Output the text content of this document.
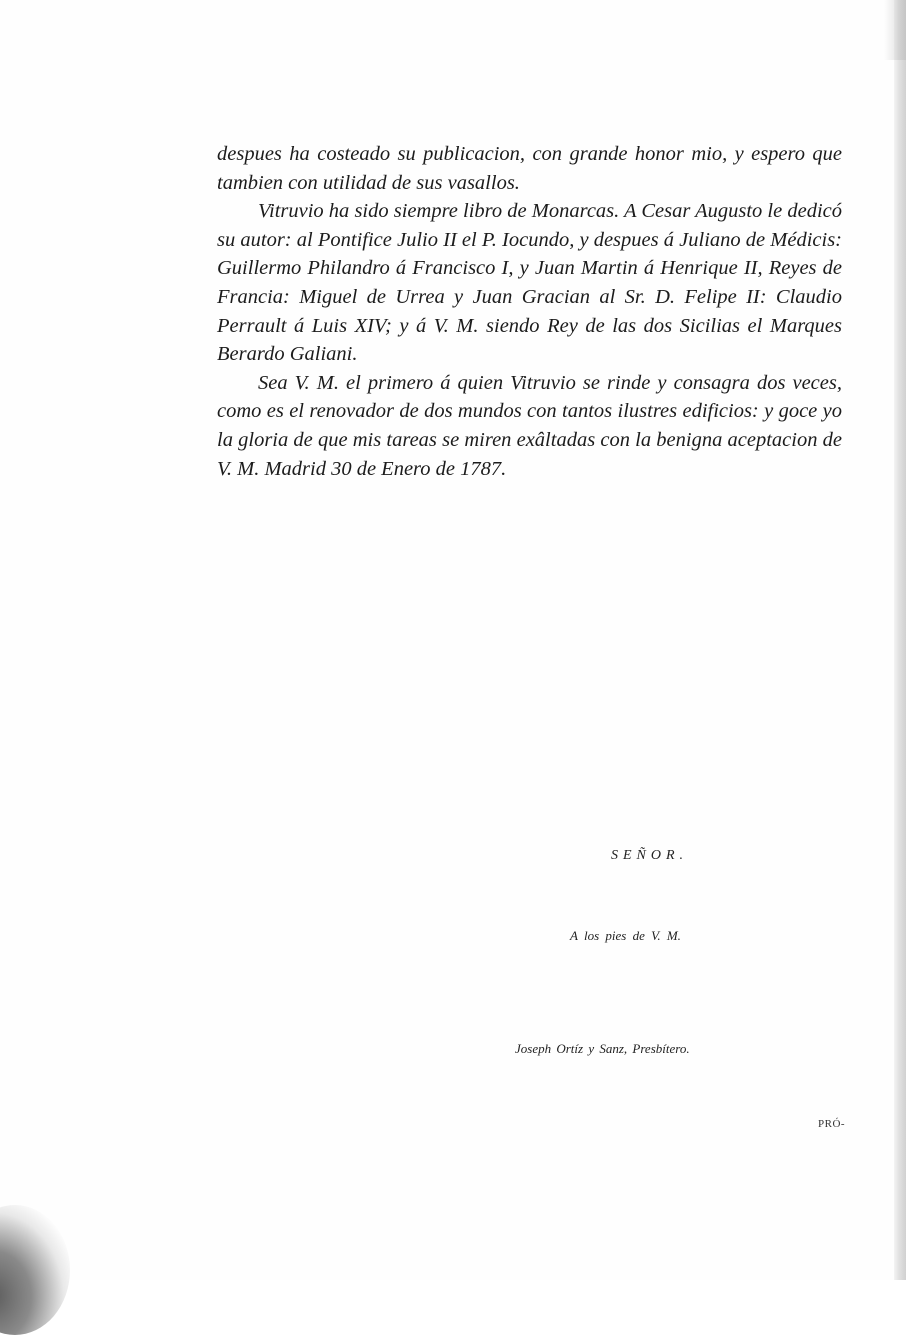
despues ha costeado su publicacion, con grande honor mio, y espero que tambien con utilidad de sus vasallos.

Vitruvio ha sido siempre libro de Monarcas. A Cesar Augusto le dedicó su autor: al Pontifice Julio II el P. Iocundo, y despues á Juliano de Médicis: Guillermo Philandro á Francisco I, y Juan Martin á Henrique II, Reyes de Francia: Miguel de Urrea y Juan Gracian al Sr. D. Felipe II: Claudio Perrault á Luis XIV; y á V. M. siendo Rey de las dos Sicilias el Marques Berardo Galiani.

Sea V. M. el primero á quien Vitruvio se rinde y consagra dos veces, como es el renovador de dos mundos con tantos ilustres edificios: y goce yo la gloria de que mis tareas se miren exâltadas con la benigna aceptacion de V. M. Madrid 30 de Enero de 1787.

SEÑOR.
A los pies de V. M.
Joseph Ortíz y Sanz, Presbítero.
PRÓ-
